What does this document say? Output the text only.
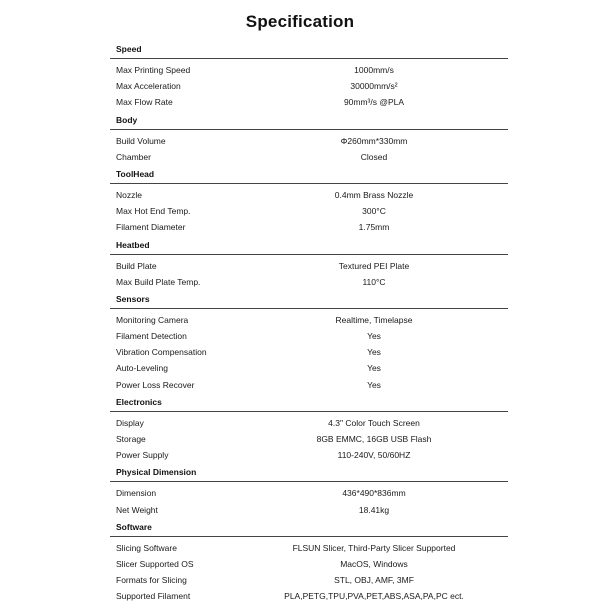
Specification
Speed
Max Printing Speed	1000mm/s
Max Acceleration	30000mm/s²
Max Flow Rate	90mm³/s @PLA
Body
Build Volume	Φ260mm*330mm
Chamber	Closed
ToolHead
Nozzle	0.4mm Brass Nozzle
Max Hot End Temp.	300°C
Filament Diameter	1.75mm
Heatbed
Build Plate	Textured PEI Plate
Max Build Plate Temp.	110°C
Sensors
Monitoring Camera	Realtime, Timelapse
Filament Detection	Yes
Vibration Compensation	Yes
Auto-Leveling	Yes
Power Loss Recover	Yes
Electronics
Display	4.3" Color Touch Screen
Storage	8GB EMMC, 16GB USB Flash
Power Supply	110-240V, 50/60HZ
Physical Dimension
Dimension	436*490*836mm
Net Weight	18.41kg
Software
Slicing Software	FLSUN Slicer, Third-Party Slicer Supported
Slicer Supported OS	MacOS, Windows
Formats for Slicing	STL, OBJ, AMF, 3MF
Supported Filament	PLA,PETG,TPU,PVA,PET,ABS,ASA,PA,PC ect.
